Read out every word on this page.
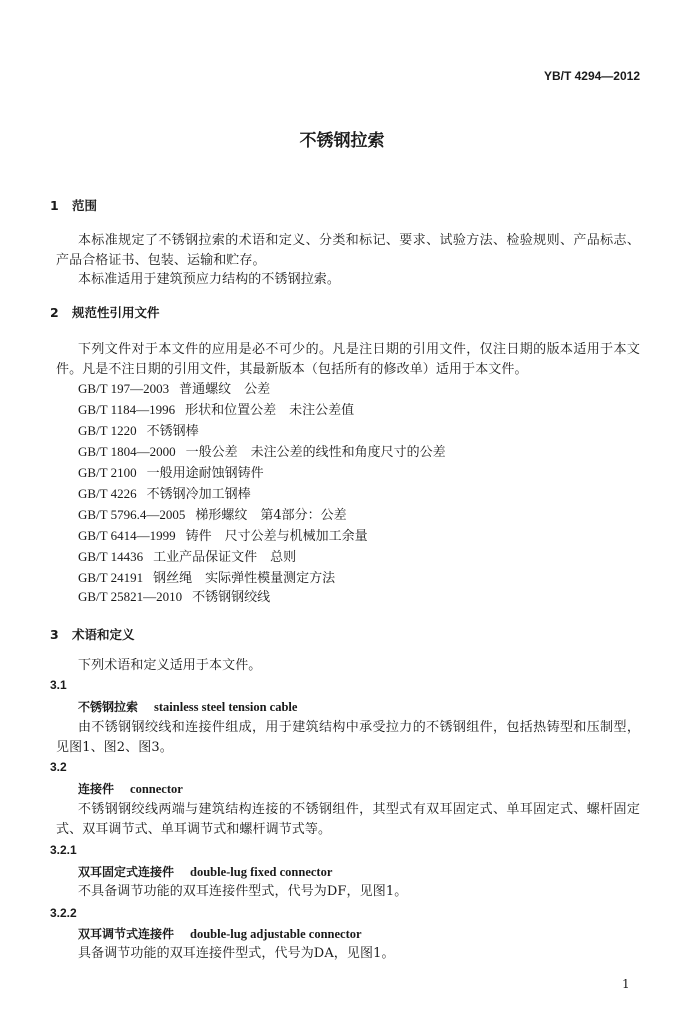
YB/T 4294—2012
不锈钢拉索
1 范围
本标准规定了不锈钢拉索的术语和定义、分类和标记、要求、试验方法、检验规则、产品标志、产品合格证书、包装、运输和贮存。
本标准适用于建筑预应力结构的不锈钢拉索。
2 规范性引用文件
下列文件对于本文件的应用是必不可少的。凡是注日期的引用文件，仅注日期的版本适用于本文件。凡是不注日期的引用文件，其最新版本（包括所有的修改单）适用于本文件。
GB/T 197—2003 普通螺纹　公差
GB/T 1184—1996 形状和位置公差　未注公差值
GB/T 1220 不锈钢棒
GB/T 1804—2000 一般公差　未注公差的线性和角度尺寸的公差
GB/T 2100 一般用途耐蚀钢铸件
GB/T 4226 不锈钢冷加工钢棒
GB/T 5796.4—2005 梯形螺纹　第4部分：公差
GB/T 6414—1999 铸件　尺寸公差与机械加工余量
GB/T 14436 工业产品保证文件　总则
GB/T 24191 钢丝绳　实际弹性模量测定方法
GB/T 25821—2010 不锈钢钢绞线
3 术语和定义
下列术语和定义适用于本文件。
3.1
不锈钢拉索 stainless steel tension cable
由不锈钢钢绞线和连接件组成，用于建筑结构中承受拉力的不锈钢组件，包括热铸型和压制型，见图1、图2、图3。
3.2
连接件 connector
不锈钢钢绞线两端与建筑结构连接的不锈钢组件，其型式有双耳固定式、单耳固定式、螺杆固定式、双耳调节式、单耳调节式和螺杆调节式等。
3.2.1
双耳固定式连接件 double-lug fixed connector
不具备调节功能的双耳连接件型式，代号为DF，见图1。
3.2.2
双耳调节式连接件 double-lug adjustable connector
具备调节功能的双耳连接件型式，代号为DA，见图1。
1
